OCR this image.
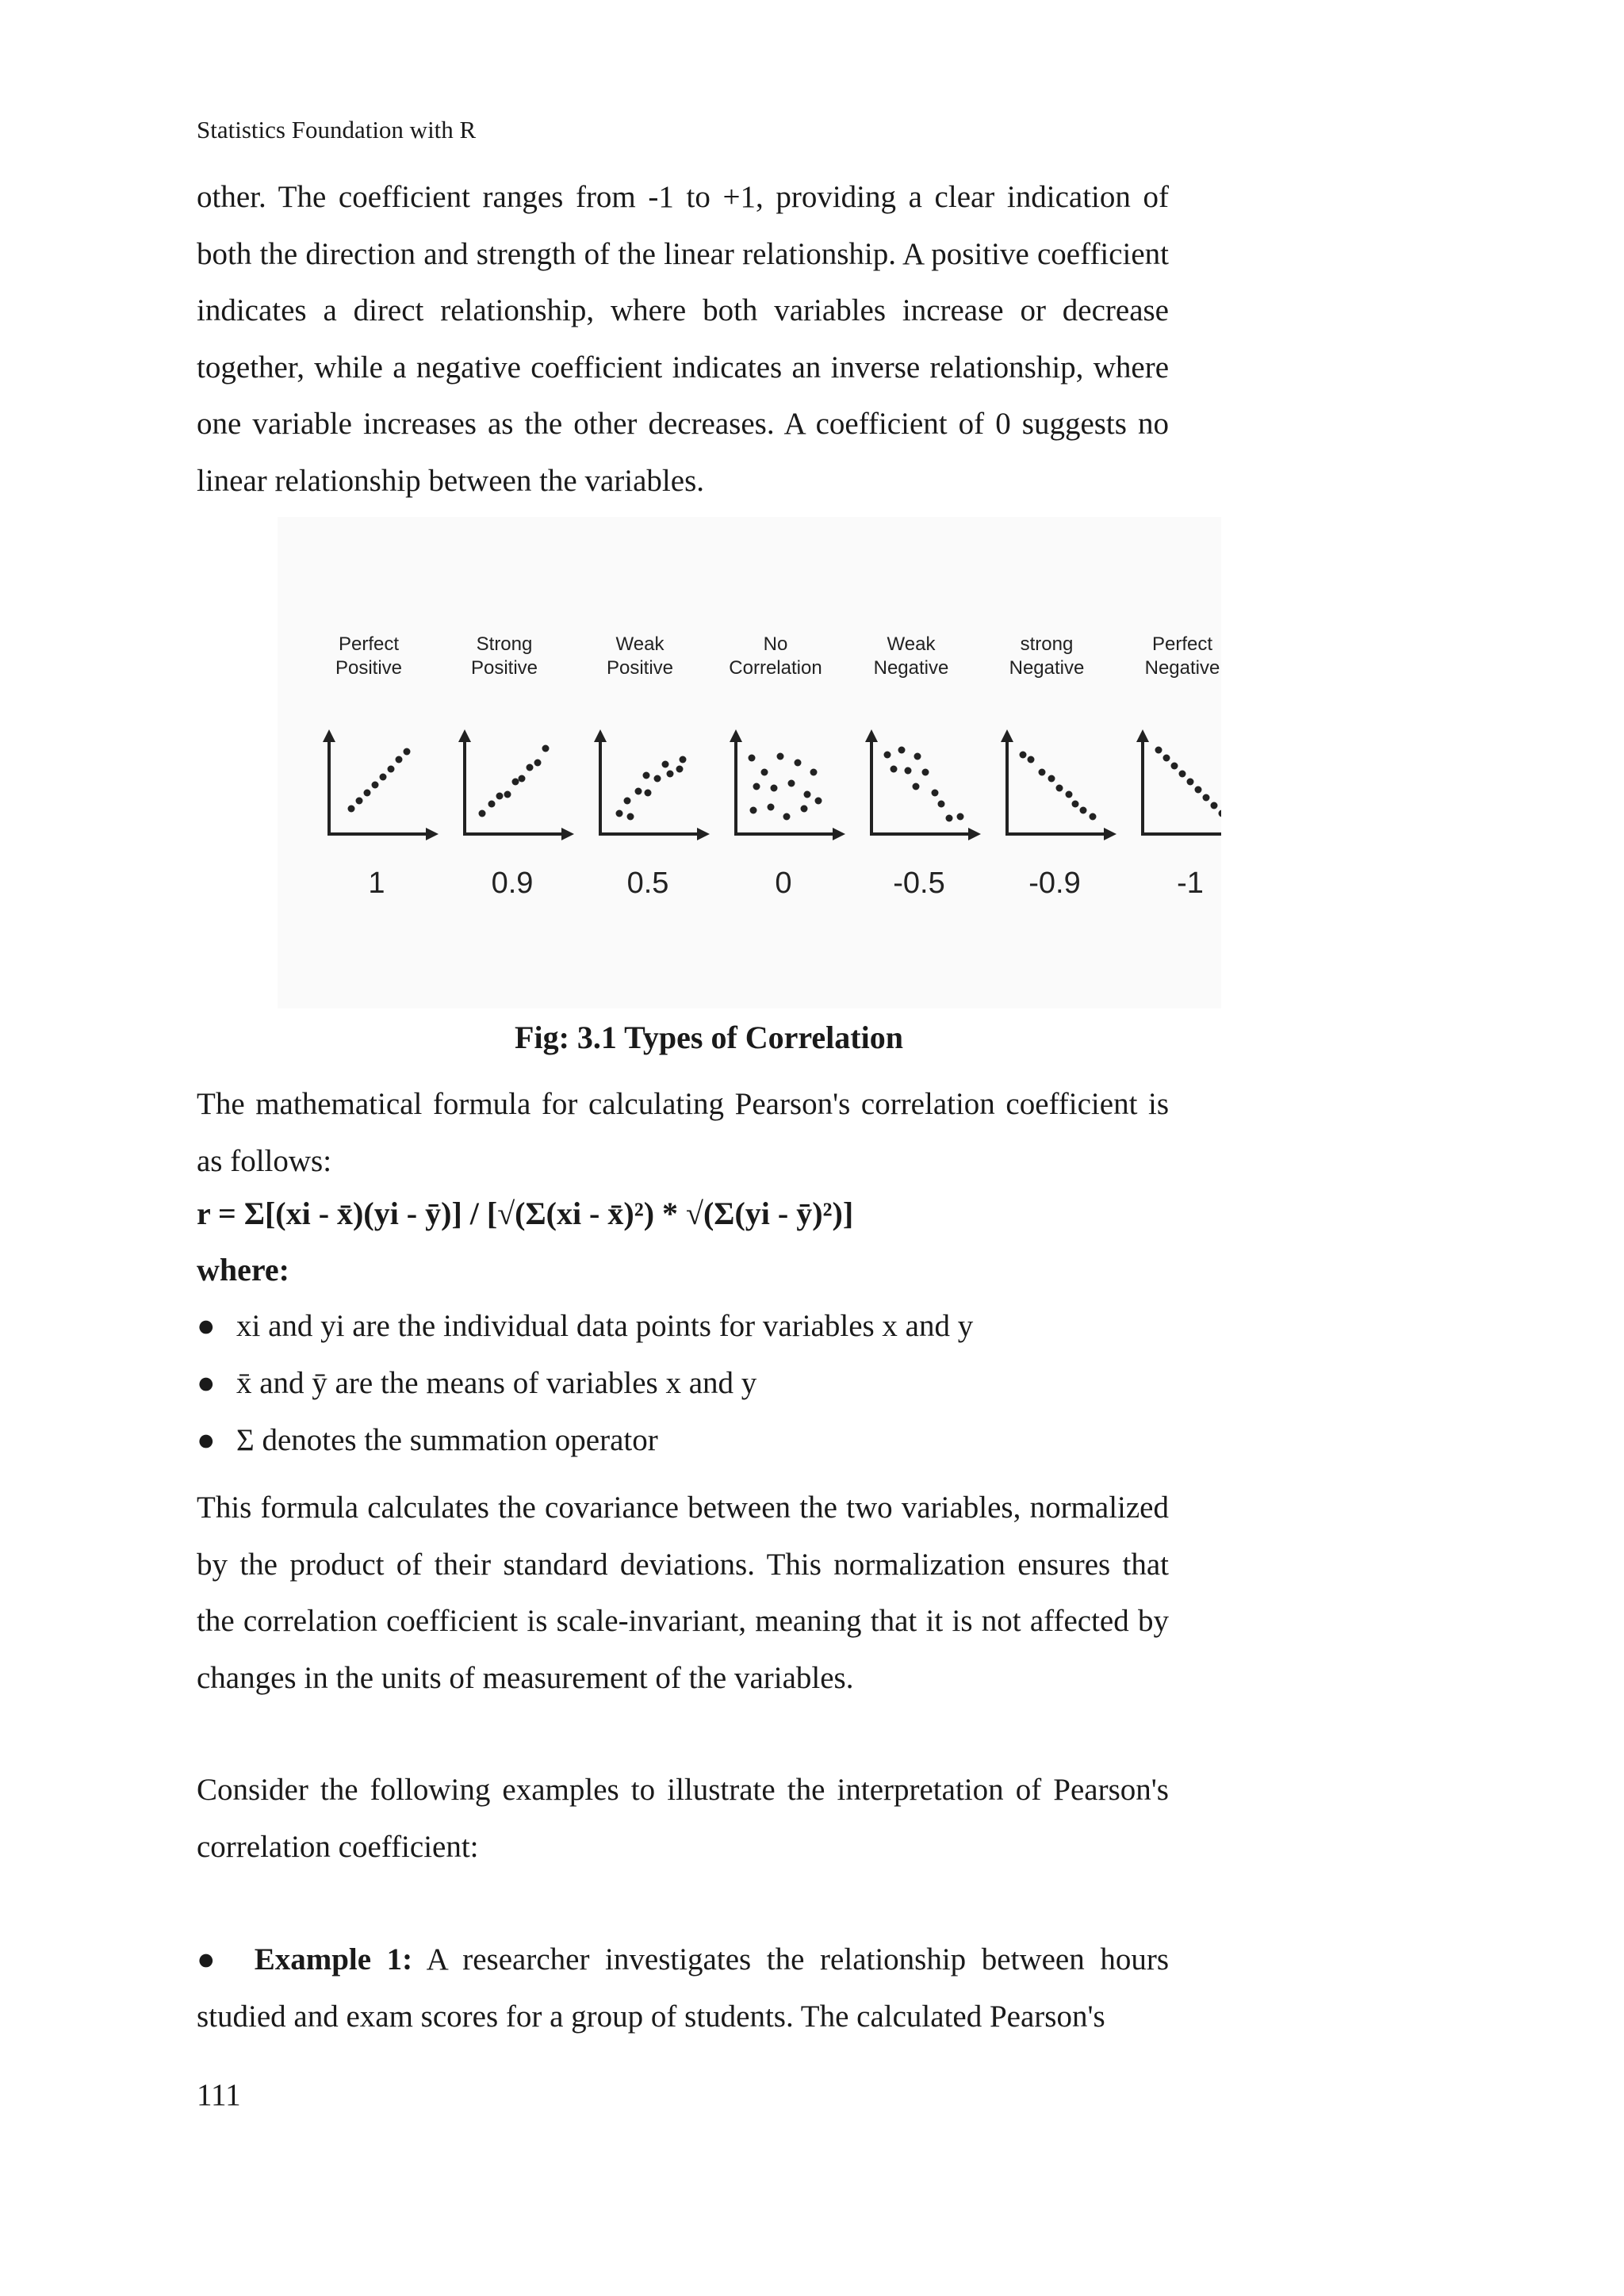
Statistics Foundation with R

other. The coefficient ranges from -1 to +1, providing a clear indication of both the direction and strength of the linear relationship. A positive coefficient indicates a direct relationship, where both variables increase or decrease together, while a negative coefficient indicates an inverse relationship, where one variable increases as the other decreases. A coefficient of 0 suggests no linear relationship between the variables.

Perfect
Positive
1
Strong
Positive
0.9
Weak
Positive
0.5
No
Correlation
0
Weak
Negative
-0.5
strong
Negative
-0.9
Perfect
Negative
-1
Fig: 3.1 Types of Correlation

The mathematical formula for calculating Pearson's correlation coefficient is as follows:

r = Σ[(xi - x̄)(yi - ȳ)] / [√(Σ(xi - x̄)²) * √(Σ(yi - ȳ)²)]
where:
● xi and yi are the individual data points for variables x and y
● x̄ and ȳ are the means of variables x and y
● Σ denotes the summation operator

This formula calculates the covariance between the two variables, normalized by the product of their standard deviations. This normalization ensures that the correlation coefficient is scale-invariant, meaning that it is not affected by changes in the units of measurement of the variables.

Consider the following examples to illustrate the interpretation of Pearson's correlation coefficient:

● Example 1: A researcher investigates the relationship between hours studied and exam scores for a group of students. The calculated Pearson's

111
